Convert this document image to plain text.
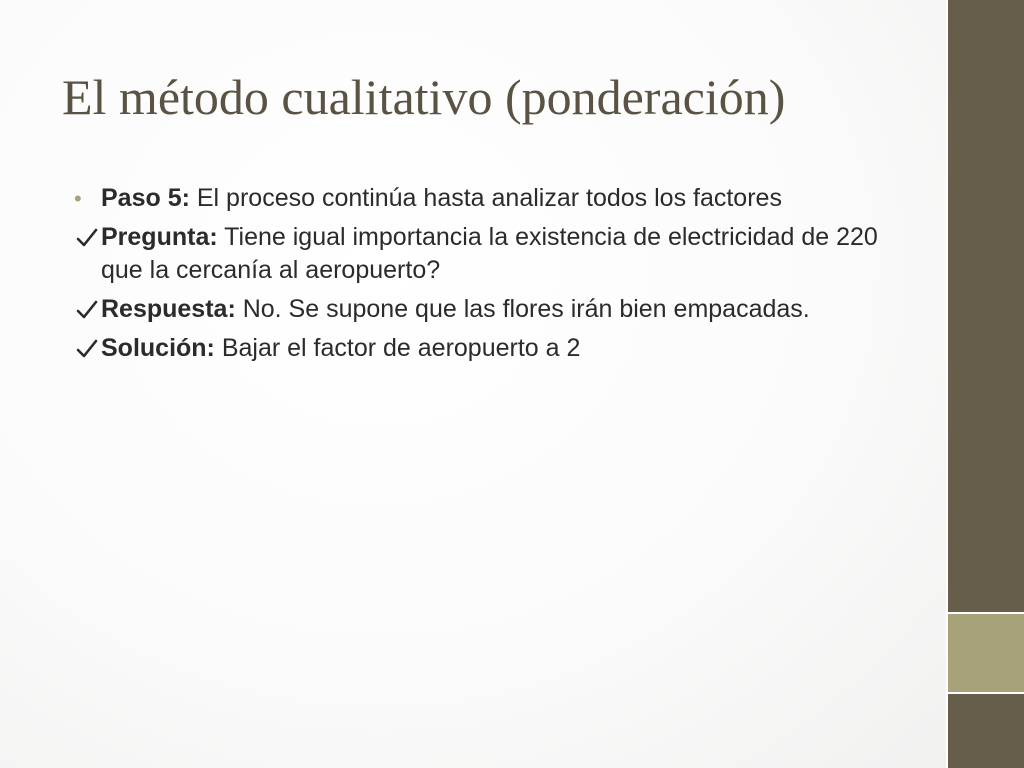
El método cualitativo (ponderación)
• Paso 5: El proceso continúa hasta analizar todos los factores
Pregunta: Tiene igual importancia la existencia de electricidad de 220 que la cercanía al aeropuerto?
Respuesta: No. Se supone que las flores irán bien empacadas.
Solución: Bajar el factor de aeropuerto a 2
